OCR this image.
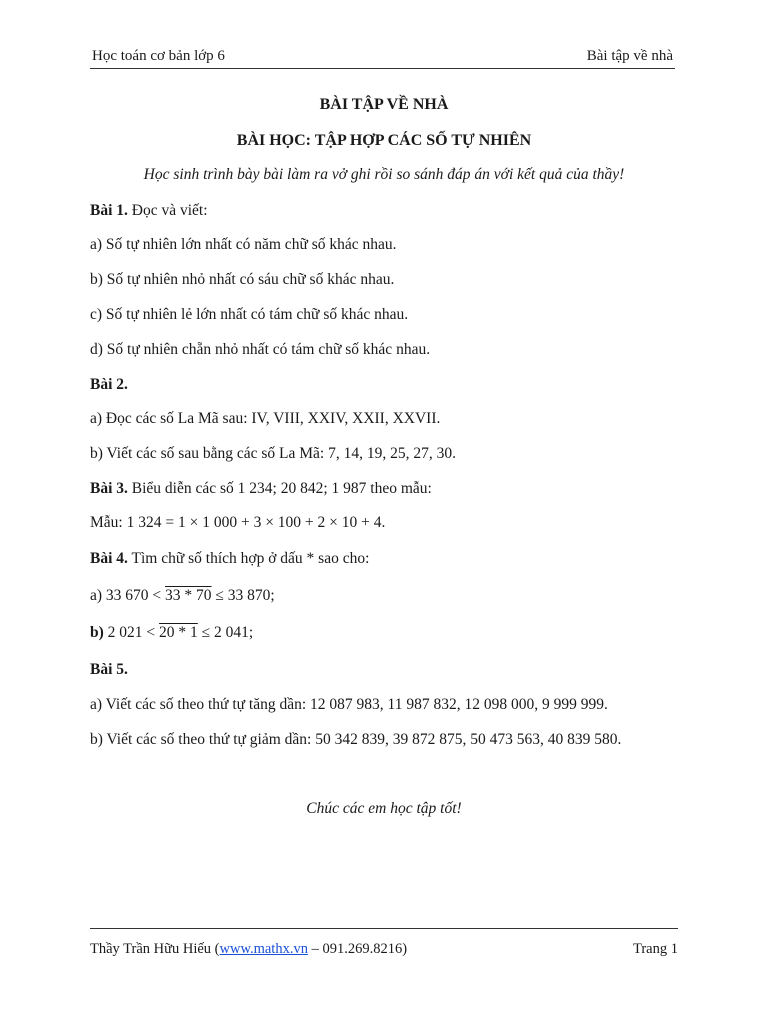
Học toán cơ bản lớp 6	Bài tập về nhà
BÀI TẬP VỀ NHÀ
BÀI HỌC: TẬP HỢP CÁC SỐ TỰ NHIÊN
Học sinh trình bày bài làm ra vở ghi rồi so sánh đáp án với kết quả của thầy!
Bài 1. Đọc và viết:
a) Số tự nhiên lớn nhất có năm chữ số khác nhau.
b) Số tự nhiên nhỏ nhất có sáu chữ số khác nhau.
c) Số tự nhiên lẻ lớn nhất có tám chữ số khác nhau.
d) Số tự nhiên chẵn nhỏ nhất có tám chữ số khác nhau.
Bài 2.
a) Đọc các số La Mã sau: IV, VIII, XXIV, XXII, XXVII.
b) Viết các số sau bằng các số La Mã: 7, 14, 19, 25, 27, 30.
Bài 3. Biểu diễn các số 1 234; 20 842; 1 987 theo mẫu:
Mẫu: 1 324 = 1 × 1 000 + 3 × 100 + 2 × 10 + 4.
Bài 4. Tìm chữ số thích hợp ở dấu * sao cho:
a) 33 670 < 33 * 70 ≤ 33 870;
b) 2 021 < 20 * 1 ≤ 2 041;
Bài 5.
a) Viết các số theo thứ tự tăng dần: 12 087 983, 11 987 832, 12 098 000, 9 999 999.
b) Viết các số theo thứ tự giảm dần: 50 342 839, 39 872 875, 50 473 563, 40 839 580.
Chúc các em học tập tốt!
Thầy Trần Hữu Hiếu (www.mathx.vn – 091.269.8216)	Trang 1
